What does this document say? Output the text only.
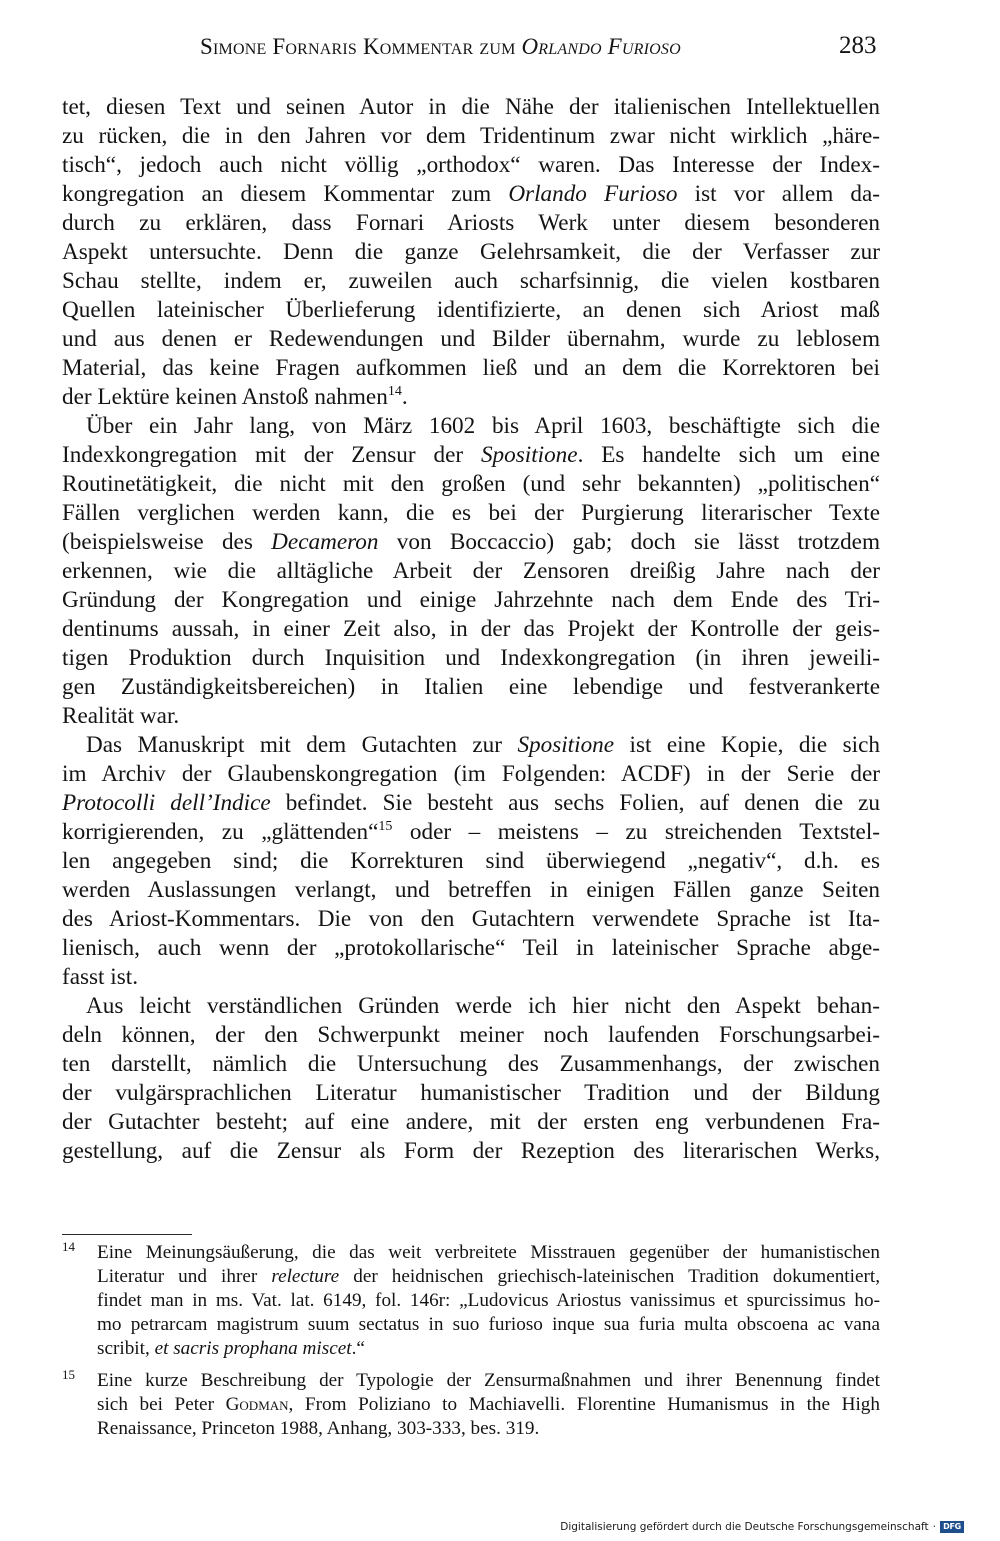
Simone Fornaris Kommentar zum Orlando Furioso	283
tet, diesen Text und seinen Autor in die Nähe der italienischen Intellektuellen
zu rücken, die in den Jahren vor dem Tridentinum zwar nicht wirklich „häre-
tisch“, jedoch auch nicht völlig „orthodox“ waren. Das Interesse der Index-
kongregation an diesem Kommentar zum Orlando Furioso ist vor allem da-
durch zu erklären, dass Fornari Ariosts Werk unter diesem besonderen
Aspekt untersuchte. Denn die ganze Gelehrsamkeit, die der Verfasser zur
Schau stellte, indem er, zuweilen auch scharfsinnig, die vielen kostbaren
Quellen lateinischer Überlieferung identifizierte, an denen sich Ariost maß
und aus denen er Redewendungen und Bilder übernahm, wurde zu leblosem
Material, das keine Fragen aufkommen ließ und an dem die Korrektoren bei
der Lektüre keinen Anstoß nahmen$^{14}$.
Über ein Jahr lang, von März 1602 bis April 1603, beschäftigte sich die
Indexkongregation mit der Zensur der Spositione. Es handelte sich um eine
Routinetätigkeit, die nicht mit den großen (und sehr bekannten) „politischen“
Fällen verglichen werden kann, die es bei der Purgierung literarischer Texte
(beispielsweise des Decameron von Boccaccio) gab; doch sie lässt trotzdem
erkennen, wie die alltägliche Arbeit der Zensoren dreißig Jahre nach der
Gründung der Kongregation und einige Jahrzehnte nach dem Ende des Tri-
dentinums aussah, in einer Zeit also, in der das Projekt der Kontrolle der geis-
tigen Produktion durch Inquisition und Indexkongregation (in ihren jeweili-
gen Zuständigkeitsbereichen) in Italien eine lebendige und festverankerte
Realität war.
Das Manuskript mit dem Gutachten zur Spositione ist eine Kopie, die sich
im Archiv der Glaubenskongregation (im Folgenden: ACDF) in der Serie der
Protocolli dell’Indice befindet. Sie besteht aus sechs Folien, auf denen die zu
korrigierenden, zu „glättenden“$^{15}$ oder – meistens – zu streichenden Textstel-
len angegeben sind; die Korrekturen sind überwiegend „negativ“, d.h. es
werden Auslassungen verlangt, und betreffen in einigen Fällen ganze Seiten
des Ariost-Kommentars. Die von den Gutachtern verwendete Sprache ist Ita-
lienisch, auch wenn der „protokollarische“ Teil in lateinischer Sprache abge-
fasst ist.
Aus leicht verständlichen Gründen werde ich hier nicht den Aspekt behan-
deln können, der den Schwerpunkt meiner noch laufenden Forschungsarbei-
ten darstellt, nämlich die Untersuchung des Zusammenhangs, der zwischen
der vulgärsprachlichen Literatur humanistischer Tradition und der Bildung
der Gutachter besteht; auf eine andere, mit der ersten eng verbundenen Fra-
gestellung, auf die Zensur als Form der Rezeption des literarischen Werks,
14 Eine Meinungsäußerung, die das weit verbreitete Misstrauen gegenüber der humanistischen
Literatur und ihrer relecture der heidnischen griechisch-lateinischen Tradition dokumentiert,
findet man in ms. Vat. lat. 6149, fol. 146r: „Ludovicus Ariostus vanissimus et spurcissimus ho-
mo petrarcam magistrum suum sectatus in suo furioso inque sua furia multa obscoena ac vana
scribit, et sacris prophana miscet.“
15 Eine kurze Beschreibung der Typologie der Zensurmaßnahmen und ihrer Benennung findet
sich bei Peter Godman, From Poliziano to Machiavelli. Florentine Humanismus in the High
Renaissance, Princeton 1988, Anhang, 303-333, bes. 319.
Digitalisierung gefördert durch die Deutsche Forschungsgemeinschaft · DFG
